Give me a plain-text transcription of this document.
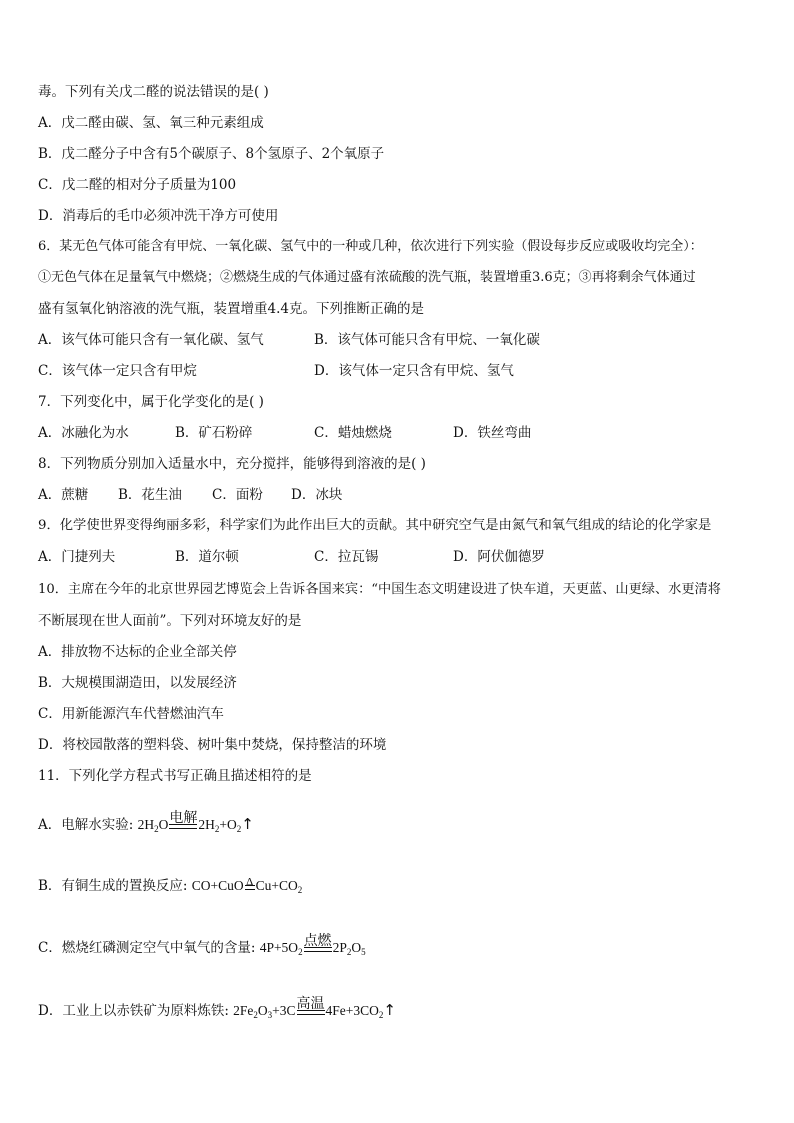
毒。下列有关戊二醛的说法错误的是( )
A．戊二醛由碳、氢、氧三种元素组成
B．戊二醛分子中含有5个碳原子、8个氢原子、2个氧原子
C．戊二醛的相对分子质量为100
D．消毒后的毛巾必须冲洗干净方可使用
6．某无色气体可能含有甲烷、一氧化碳、氢气中的一种或几种，依次进行下列实验（假设每步反应或吸收均完全）：
①无色气体在足量氧气中燃烧；②燃烧生成的气体通过盛有浓硫酸的洗气瓶，装置增重3.6克；③再将剩余气体通过
盛有氢氧化钠溶液的洗气瓶，装置增重4.4克。下列推断正确的是
A．该气体可能只含有一氧化碳、氢气	B．该气体可能只含有甲烷、一氧化碳
C．该气体一定只含有甲烷	D．该气体一定只含有甲烷、氢气
7．下列变化中，属于化学变化的是( )
A．冰融化为水	B．矿石粉碎	C．蜡烛燃烧	D．铁丝弯曲
8．下列物质分别加入适量水中，充分搅拌，能够得到溶液的是( )
A．蔗糖 B．花生油 C．面粉 D．冰块
9．化学使世界变得绚丽多彩，科学家们为此作出巨大的贡献。其中研究空气是由氮气和氧气组成的结论的化学家是
A．门捷列夫	B．道尔顿	C．拉瓦锡	D．阿伏伽德罗
10．主席在今年的北京世界园艺博览会上告诉各国来宾：“中国生态文明建设进了快车道，天更蓝、山更绿、水更清将
不断展现在世人面前”。下列对环境友好的是
A．排放物不达标的企业全部关停
B．大规模围湖造田，以发展经济
C．用新能源汽车代替燃油汽车
D．将校园散落的塑料袋、树叶集中焚烧，保持整洁的环境
11．下列化学方程式书写正确且描述相符的是
A．电解水实验: $2H_2O$ 电解 $2H_2+O_2↑$
B．有铜生成的置换反应: CO+CuO Δ $Cu+CO_2$
C．燃烧红磷测定空气中氧气的含量: $4P+5O_2$
点燃 $2P_2O_5$
D．工业上以赤铁矿为原料炼铁: $2Fe_2O_3+3C$ 高温 $4Fe+3CO_2↑$
